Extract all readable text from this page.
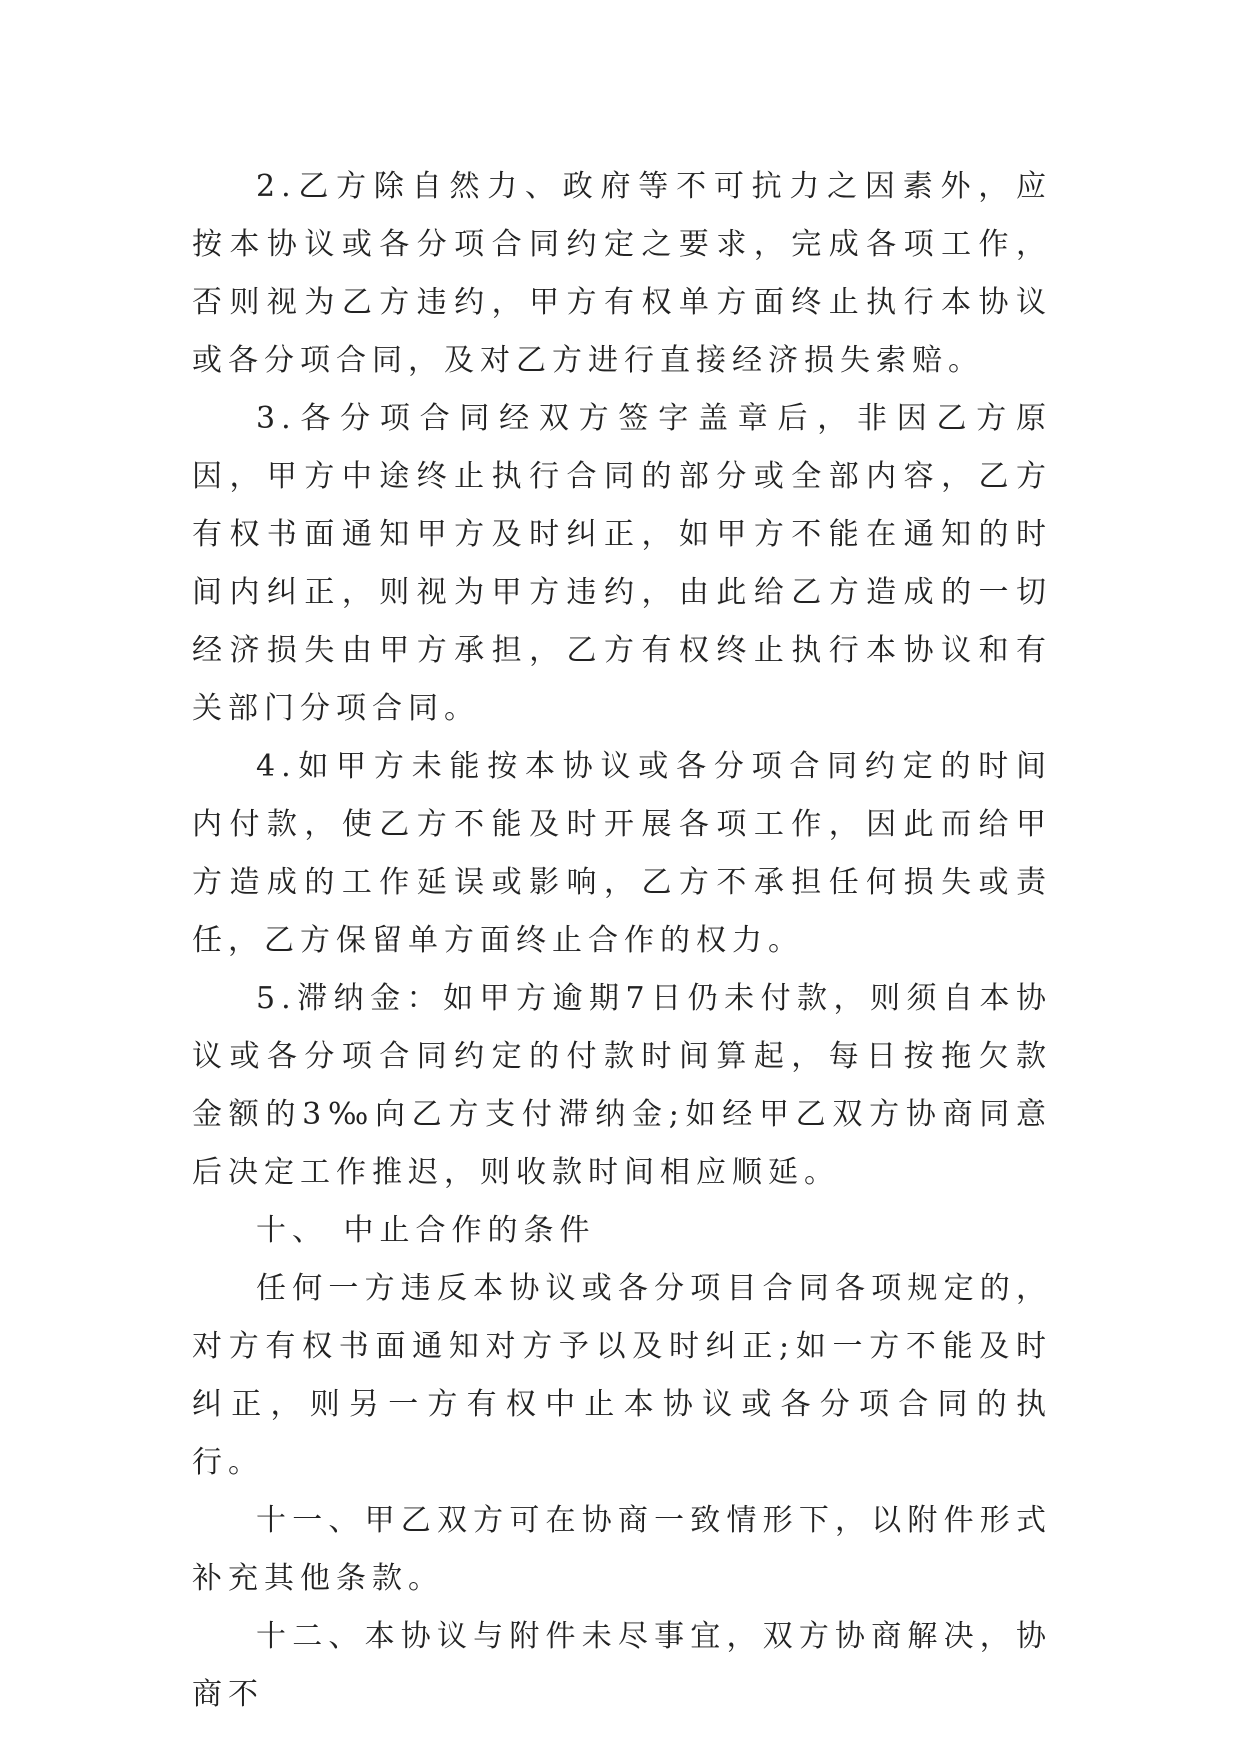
2.乙方除自然力、政府等不可抗力之因素外，应按本协议或各分项合同约定之要求，完成各项工作，否则视为乙方违约，甲方有权单方面终止执行本协议或各分项合同，及对乙方进行直接经济损失索赔。

3.各分项合同经双方签字盖章后，非因乙方原因，甲方中途终止执行合同的部分或全部内容，乙方有权书面通知甲方及时纠正，如甲方不能在通知的时间内纠正，则视为甲方违约，由此给乙方造成的一切经济损失由甲方承担，乙方有权终止执行本协议和有关部门分项合同。

4.如甲方未能按本协议或各分项合同约定的时间内付款，使乙方不能及时开展各项工作，因此而给甲方造成的工作延误或影响，乙方不承担任何损失或责任，乙方保留单方面终止合作的权力。

5.滞纳金：如甲方逾期7日仍未付款，则须自本协议或各分项合同约定的付款时间算起，每日按拖欠款金额的3‰向乙方支付滞纳金;如经甲乙双方协商同意后决定工作推迟，则收款时间相应顺延。

十、 中止合作的条件

任何一方违反本协议或各分项目合同各项规定的，对方有权书面通知对方予以及时纠正;如一方不能及时纠正，则另一方有权中止本协议或各分项合同的执行。

十一、甲乙双方可在协商一致情形下，以附件形式补充其他条款。

十二、本协议与附件未尽事宜，双方协商解决，协商不
